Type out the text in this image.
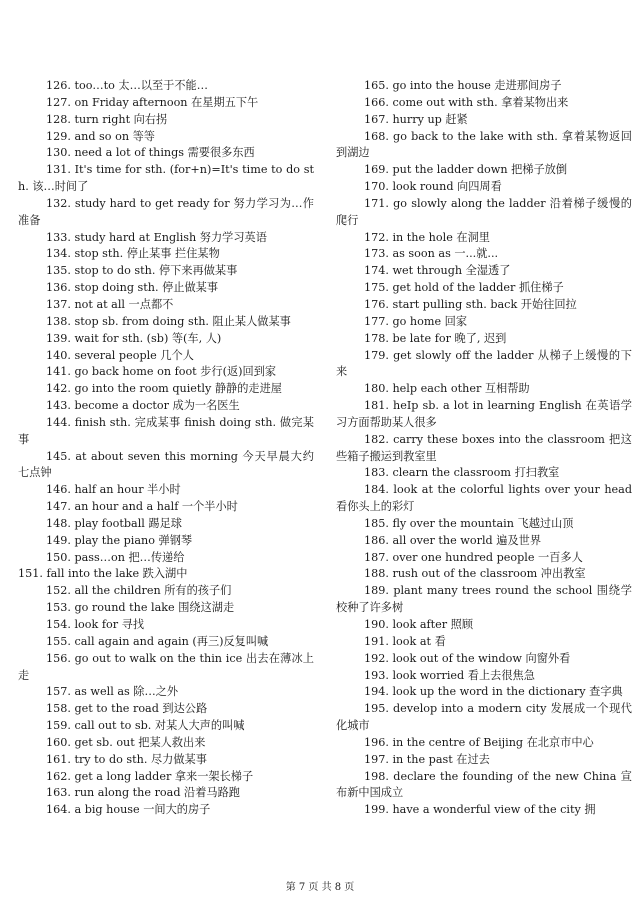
126. too…to 太…以至于不能…
127. on Friday afternoon 在星期五下午
128. turn right 向右拐
129. and so on 等等
130. need a lot of things 需要很多东西
131. It's time for sth. (for+n)=It's time to do sth. 该…时间了
132. study hard to get ready for 努力学习为…作准备
133. study hard at English 努力学习英语
134. stop sth. 停止某事 拦住某物
135. stop to do sth. 停下来再做某事
136. stop doing sth. 停止做某事
137. not at all 一点都不
138. stop sb. from doing sth. 阻止某人做某事
139. wait for sth. (sb) 等(车, 人)
140. several people 几个人
141. go back home on foot 步行(返)回到家
142. go into the room quietly 静静的走进屋
143. become a doctor 成为一名医生
144. finish sth. 完成某事 finish doing sth. 做完某事
145. at about seven this morning 今天早晨大约七点钟
146. half an hour 半小时
147. an hour and a half 一个半小时
148. play football 踢足球
149. play the piano 弹钢琴
150. pass…on 把…传递给
151. fall into the lake 跌入湖中
152. all the children 所有的孩子们
153. go round the lake 围绕这湖走
154. look for 寻找
155. call again and again (再三)反复叫喊
156. go out to walk on the thin ice 出去在薄冰上走
157. as well as 除…之外
158. get to the road 到达公路
159. call out to sb. 对某人大声的叫喊
160. get sb. out 把某人救出来
161. try to do sth. 尽力做某事
162. get a long ladder 拿来一架长梯子
163. run along the road 沿着马路跑
164. a big house 一间大的房子
165. go into the house 走进那间房子
166. come out with sth. 拿着某物出来
167. hurry up 赶紧
168. go back to the lake with sth. 拿着某物返回到湖边
169. put the ladder down 把梯子放倒
170. look round 向四周看
171. go slowly along the ladder 沿着梯子缓慢的爬行
172. in the hole 在洞里
173. as soon as 一...就...
174. wet through 全湿透了
175. get hold of the ladder 抓住梯子
176. start pulling sth. back 开始往回拉
177. go home 回家
178. be late for 晚了, 迟到
179. get slowly off the ladder 从梯子上缓慢的下来
180. help each other 互相帮助
181. heIp sb. a lot in learning English 在英语学习方面帮助某人很多
182. carry these boxes into the classroom 把这些箱子搬运到教室里
183. clearn the classroom 打扫教室
184. look at the colorful lights over your head 看你头上的彩灯
185. fly over the mountain 飞越过山顶
186. all over the world 遍及世界
187. over one hundred people 一百多人
188. rush out of the classroom 冲出教室
189. plant many trees round the school 围绕学校种了许多树
190. look after 照顾
191. look at 看
192. look out of the window 向窗外看
193. look worried 看上去很焦急
194. look up the word in the dictionary 查字典
195. develop into a modern city 发展成一个现代化城市
196. in the centre of Beijing 在北京市中心
197. in the past 在过去
198. declare the founding of the new China 宣布新中国成立
199. have a wonderful view of the city 拥
第 7 页 共 8 页
